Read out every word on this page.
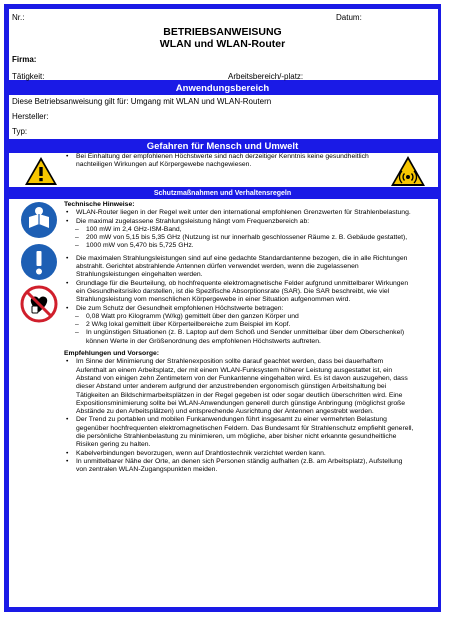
Nr.:	Datum:
BETRIEBSANWEISUNG
WLAN und WLAN-Router
Firma:
Tätigkeit:	Arbeitsbereich/-platz:
Anwendungsbereich
Diese Betriebsanweisung gilt für: Umgang mit WLAN und WLAN-Routern
Hersteller:
Typ:
Gefahren für Mensch und Umwelt
• Bei Einhaltung der empfohlenen Höchstwerte sind nach derzeitiger Kenntnis keine gesundheitlich nachteiligen Wirkungen auf Körpergewebe nachgewiesen.
Schutzmaßnahmen und Verhaltensregeln
Technische Hinweise:
• WLAN-Router liegen in der Regel weit unter den international empfohlenen Grenzwerten für Strahlenbelastung.
• Die maximal zugelassene Strahlungsleistung hängt vom Frequenzbereich ab:
– 100 mW im 2,4 GHz-ISM-Band,
– 200 mW von 5,15 bis 5,35 GHz (Nutzung ist nur innerhalb geschlossener Räume z. B. Gebäude gestattet),
– 1000 mW von 5,470 bis 5,725 GHz.
• Die maximalen Strahlungsleistungen sind auf eine gedachte Standardantenne bezogen, die in alle Richtungen abstrahlt. Gerichtet abstrahlende Antennen dürfen verwendet werden, wenn die zugelassenen Strahlungsleistungen eingehalten werden.
• Grundlage für die Beurteilung, ob hochfrequente elektromagnetische Felder aufgrund unmittelbarer Wirkungen ein Gesundheitsrisiko darstellen, ist die Spezifische Absorptionsrate (SAR). Die SAR beschreibt, wie viel Strahlungsleistung vom menschlichen Körpergewebe in einer Situation aufgenommen wird.
• Die zum Schutz der Gesundheit empfohlenen Höchstwerte betragen:
– 0,08 Watt pro Kilogramm (W/kg) gemittelt über den ganzen Körper und
– 2 W/kg lokal gemittelt über Körperteilbereiche zum Beispiel im Kopf.
– In ungünstigen Situationen (z. B. Laptop auf dem Schoß und Sender unmittelbar über dem Oberschenkel) können Werte in der Größenordnung des empfohlenen Höchstwerts auftreten.
Empfehlungen und Vorsorge:
• Im Sinne der Minimierung der Strahlenexposition sollte darauf geachtet werden, dass bei dauerhaftem Aufenthalt an einem Arbeitsplatz, der mit einem WLAN-Funksystem höherer Leistung ausgestattet ist, ein Abstand von einigen zehn Zentimetern von der Funkantenne eingehalten wird. Es ist davon auszugehen, dass dieser Abstand unter anderem aufgrund der anzustrebenden ergonomisch günstigen Arbeitshaltung bei Tätigkeiten an Bildschirmarbeitsplätzen in der Regel gegeben ist oder sogar deutlich überschritten wird. Eine Expositionsminimierung sollte bei WLAN-Anwendungen generell durch günstige Anbringung (möglichst große Abstände zu den Arbeitsplätzen) und entsprechende Ausrichtung der Antennen angestrebt werden.
• Der Trend zu portablen und mobilen Funkanwendungen führt insgesamt zu einer vermehrten Belastung gegenüber hochfrequenten elektromagnetischen Feldern. Das Bundesamt für Strahlenschutz empfiehlt generell, die persönliche Strahlenbelastung zu minimieren, um mögliche, aber bisher nicht erkannte gesundheitliche Risiken gering zu halten.
• Kabelverbindungen bevorzugen, wenn auf Drahtlostechnik verzichtet werden kann.
• In unmittelbarer Nähe der Orte, an denen sich Personen ständig aufhalten (z.B. am Arbeitsplatz), Aufstellung von zentralen WLAN-Zugangspunkten meiden.
